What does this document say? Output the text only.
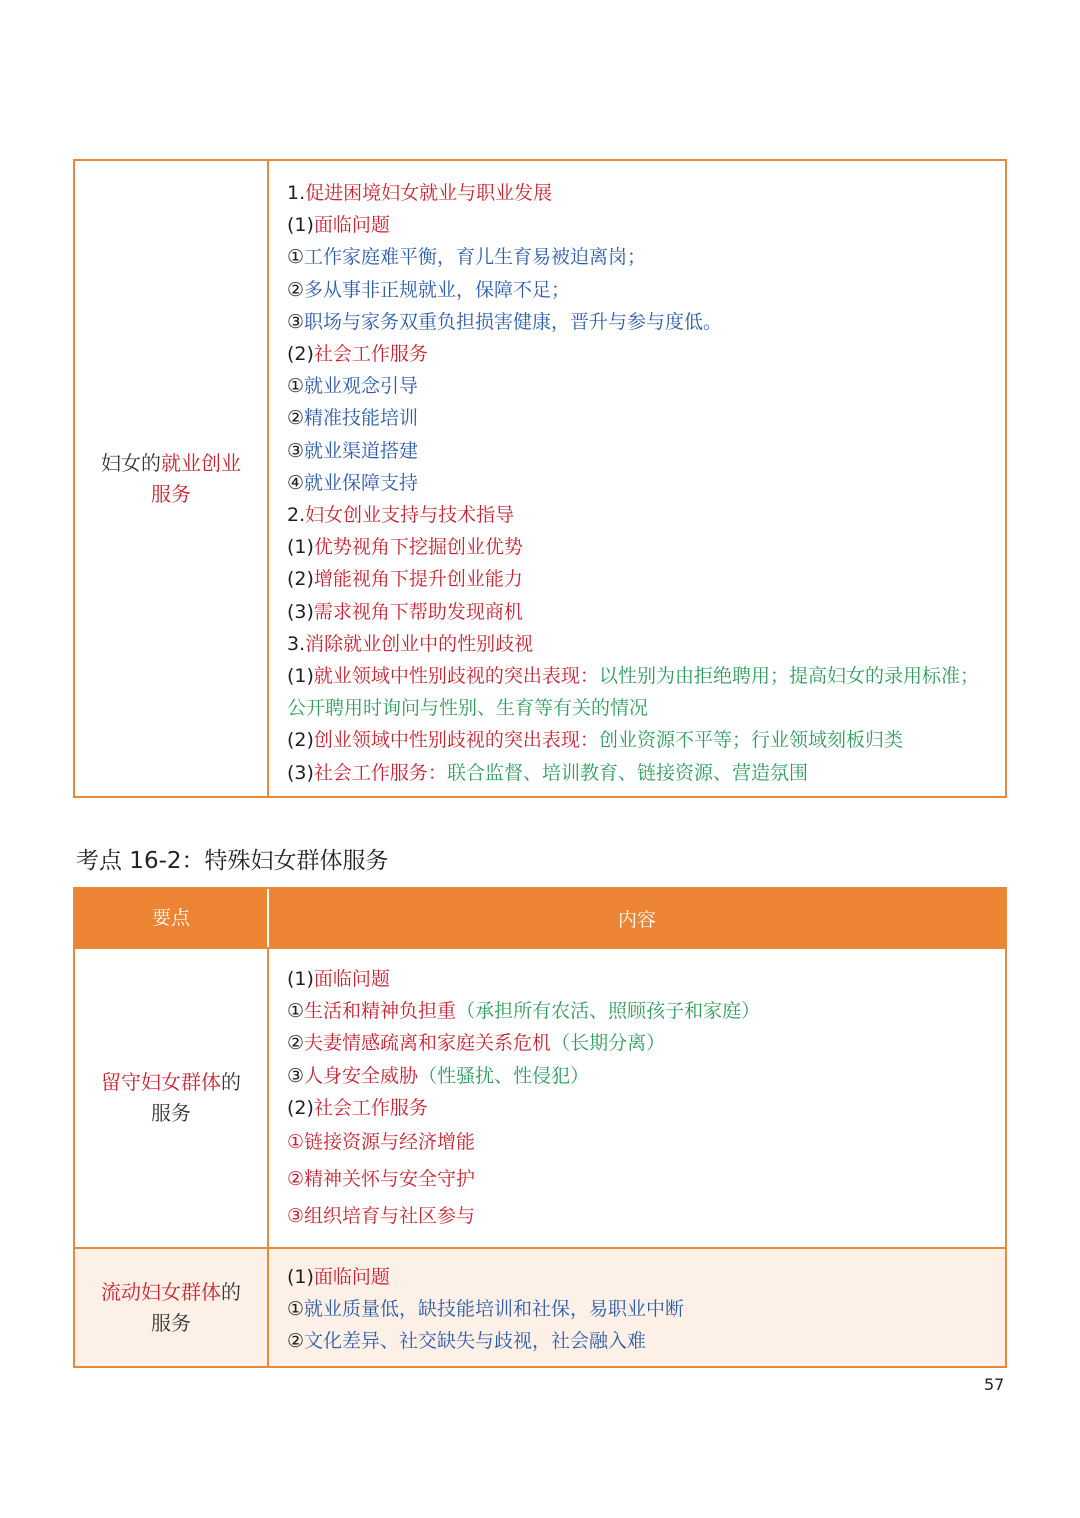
妇女的就业创业
服务
1.促进困境妇女就业与职业发展
(1)面临问题
①工作家庭难平衡，育儿生育易被迫离岗；
②多从事非正规就业，保障不足；
③职场与家务双重负担损害健康，晋升与参与度低。
(2)社会工作服务
①就业观念引导
②精准技能培训
③就业渠道搭建
④就业保障支持
2.妇女创业支持与技术指导
(1)优势视角下挖掘创业优势
(2)增能视角下提升创业能力
(3)需求视角下帮助发现商机
3.消除就业创业中的性别歧视
(1)就业领域中性别歧视的突出表现：以性别为由拒绝聘用；提高妇女的录用标准；公开聘用时询问与性别、生育等有关的情况
(2)创业领域中性别歧视的突出表现：创业资源不平等；行业领域刻板归类
(3)社会工作服务：联合监督、培训教育、链接资源、营造氛围
考点 16-2：特殊妇女群体服务
要点	内容
留守妇女群体的
服务
(1)面临问题
①生活和精神负担重（承担所有农活、照顾孩子和家庭）
②夫妻情感疏离和家庭关系危机（长期分离）
③人身安全威胁（性骚扰、性侵犯）
(2)社会工作服务
①链接资源与经济增能
②精神关怀与安全守护
③组织培育与社区参与
流动妇女群体的
服务
(1)面临问题
①就业质量低，缺技能培训和社保，易职业中断
②文化差异、社交缺失与歧视，社会融入难
57
